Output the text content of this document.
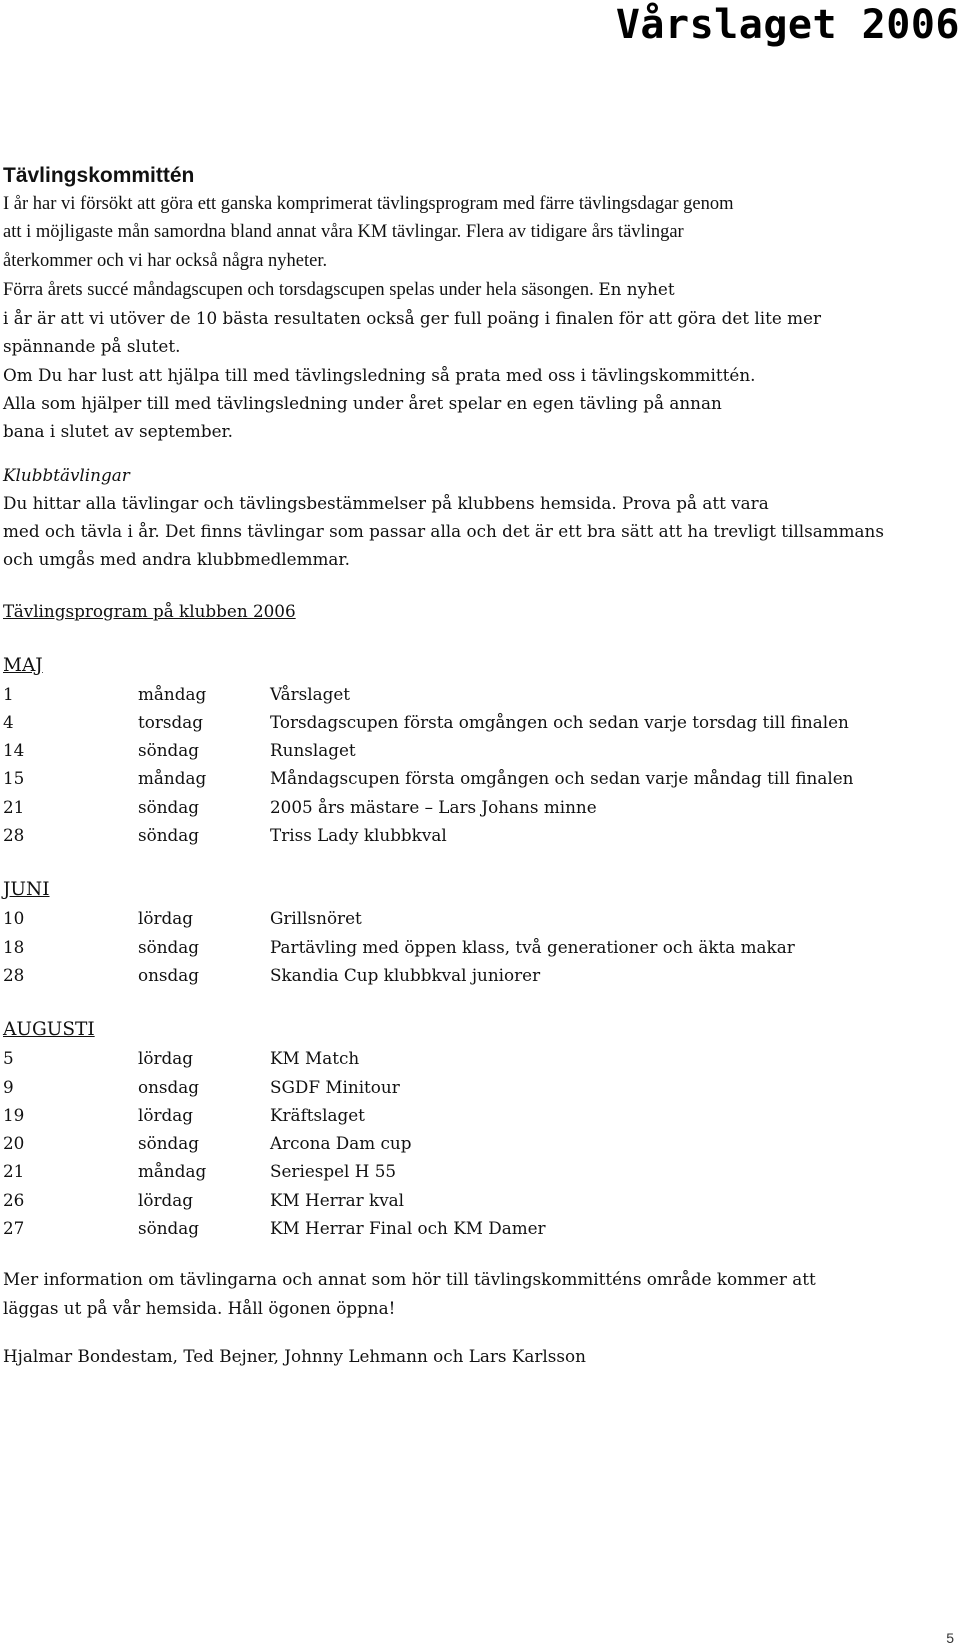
Vårslaget 2006
Tävlingskommittén
I år har vi försökt att göra ett ganska komprimerat tävlingsprogram med färre tävlingsdagar genom
att i möjligaste mån samordna bland annat våra KM tävlingar. Flera av tidigare års tävlingar
återkommer och vi har också några nyheter.
Förra årets succé måndagscupen och torsdagscupen spelas under hela säsongen. En nyhet
i år är att vi utöver de 10 bästa resultaten också ger full poäng i finalen för att göra det lite mer
spännande på slutet.
Om Du har lust att hjälpa till med tävlingsledning så prata med oss i tävlingskommittén.
Alla som hjälper till med tävlingsledning under året spelar en egen tävling på annan
bana i slutet av september.
Klubbtävlingar
Du hittar alla tävlingar och tävlingsbestämmelser på klubbens hemsida. Prova på att vara
med och tävla i år. Det finns tävlingar som passar alla och det är ett bra sätt att ha trevligt tillsammans
och umgås med andra klubbmedlemmar.
Tävlingsprogram på klubben 2006
MAJ
1	måndag	Vårslaget
4	torsdag	Torsdagscupen första omgången och sedan varje torsdag till finalen
14	söndag	Runslaget
15	måndag	Måndagscupen första omgången och sedan varje måndag till finalen
21	söndag	2005 års mästare – Lars Johans minne
28	söndag	Triss Lady klubbkval
JUNI
10	lördag	Grillsnöret
18	söndag	Partävling med öppen klass, två generationer och äkta makar
28	onsdag	Skandia Cup klubbkval juniorer
AUGUSTI
5	lördag	KM Match
9	onsdag	SGDF Minitour
19	lördag	Kräftslaget
20	söndag	Arcona Dam cup
21	måndag	Seriespel H 55
26	lördag	KM Herrar kval
27	söndag	KM Herrar Final och KM Damer
Mer information om tävlingarna och annat som hör till tävlingskommitténs område kommer att
läggas ut på vår hemsida. Håll ögonen öppna!
Hjalmar Bondestam, Ted Bejner, Johnny Lehmann och Lars Karlsson
5
